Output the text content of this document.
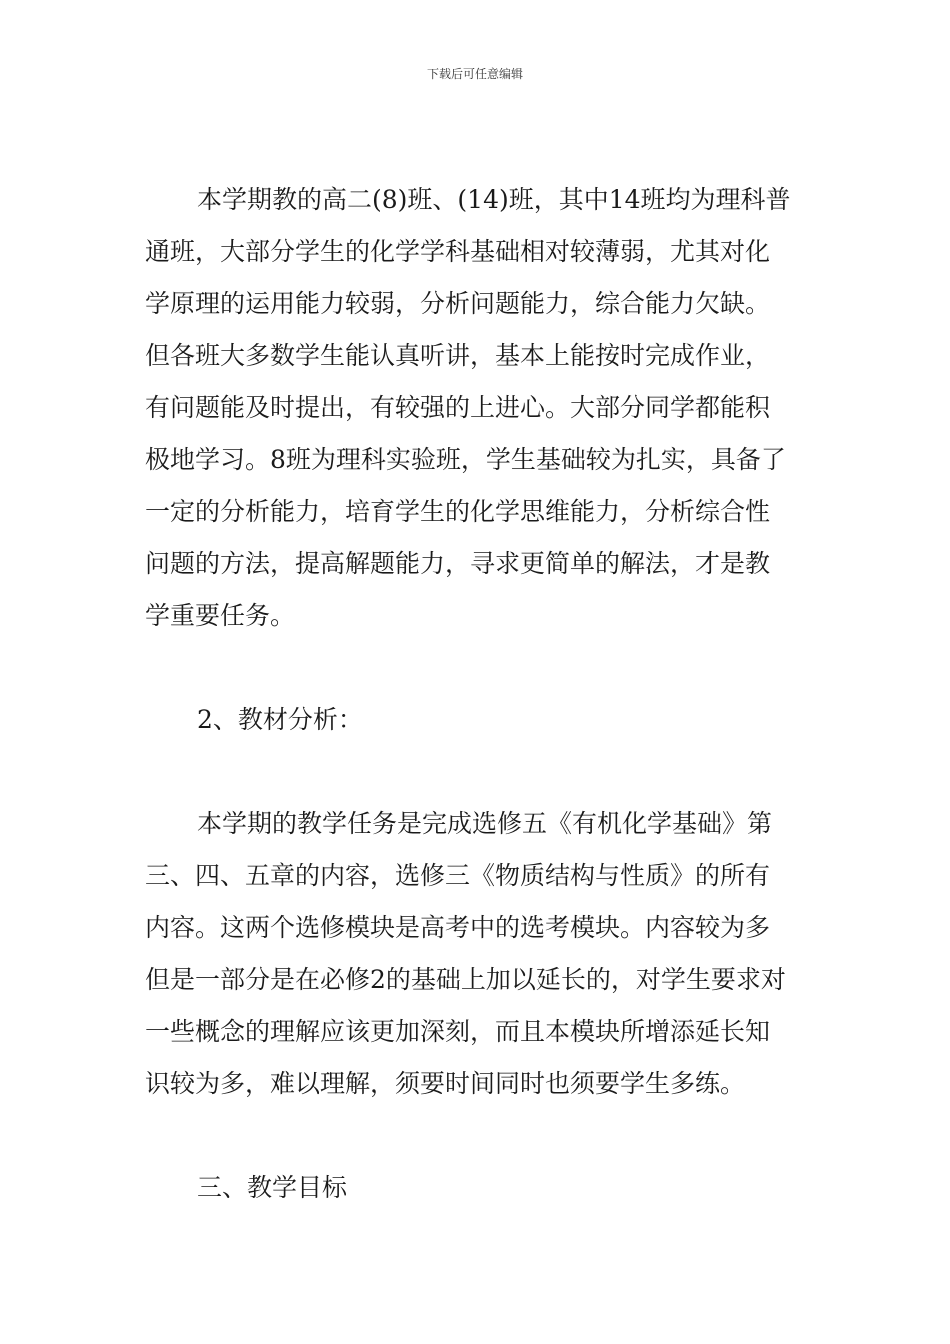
下载后可任意编辑
本学期教的高二(8)班、(14)班，其中14班均为理科普
通班，大部分学生的化学学科基础相对较薄弱，尤其对化
学原理的运用能力较弱，分析问题能力，综合能力欠缺。
但各班大多数学生能认真听讲，基本上能按时完成作业，
有问题能及时提出，有较强的上进心。大部分同学都能积
极地学习。8班为理科实验班，学生基础较为扎实，具备了
一定的分析能力，培育学生的化学思维能力，分析综合性
问题的方法，提高解题能力，寻求更简单的解法，才是教
学重要任务。
2、教材分析：
本学期的教学任务是完成选修五《有机化学基础》第
三、四、五章的内容，选修三《物质结构与性质》的所有
内容。这两个选修模块是高考中的选考模块。内容较为多
但是一部分是在必修2的基础上加以延长的，对学生要求对
一些概念的理解应该更加深刻，而且本模块所增添延长知
识较为多，难以理解，须要时间同时也须要学生多练。
三、教学目标
